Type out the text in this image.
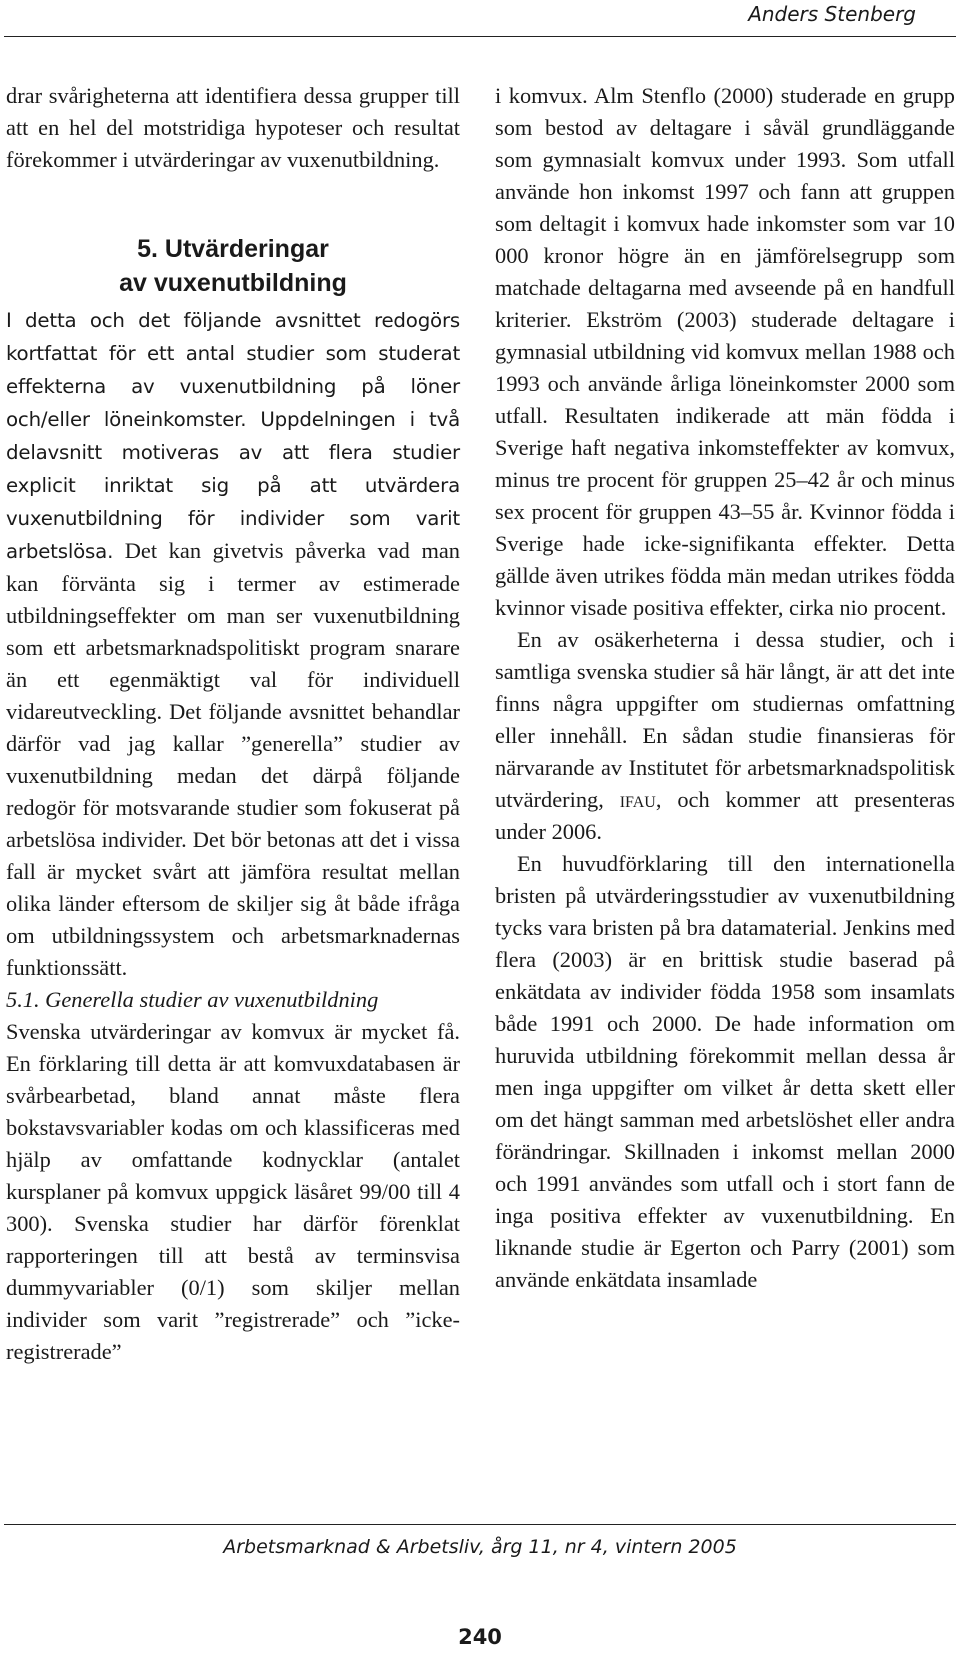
Anders Stenberg

drar svårigheterna att identifiera dessa grupper till att en hel del motstridiga hypoteser och resultat förekommer i utvärderingar av vuxenutbildning.

5. Utvärderingar
av vuxenutbildning

I detta och det följande avsnittet redogörs kortfattat för ett antal studier som studerat effekterna av vuxenutbildning på löner och/eller löneinkomster. Uppdelningen i två delavsnitt motiveras av att flera studier explicit inriktat sig på att utvärdera vuxenutbildning för individer som varit arbetslösa. Det kan givetvis påverka vad man kan förvänta sig i termer av estimerade utbildningseffekter om man ser vuxenutbildning som ett arbetsmarknadspolitiskt program snarare än ett egenmäktigt val för individuell vidareutveckling. Det följande avsnittet behandlar därför vad jag kallar ”generella” studier av vuxenutbildning medan det därpå följande redogör för motsvarande studier som fokuserat på arbetslösa individer. Det bör betonas att det i vissa fall är mycket svårt att jämföra resultat mellan olika länder eftersom de skiljer sig åt både ifråga om utbildningssystem och arbetsmarknadernas funktionssätt.

5.1. Generella studier av vuxenutbildning

Svenska utvärderingar av komvux är mycket få. En förklaring till detta är att komvuxdatabasen är svårbearbetad, bland annat måste flera bokstavsvariabler kodas om och klassificeras med hjälp av omfattande kodnycklar (antalet kursplaner på komvux uppgick läsåret 99/00 till 4 300). Svenska studier har därför förenklat rapporteringen till att bestå av terminsvisa dummyvariabler (0/1) som skiljer mellan individer som varit ”registrerade” och ”icke-registrerade”

i komvux. Alm Stenflo (2000) studerade en grupp som bestod av deltagare i såväl grundläggande som gymnasialt komvux under 1993. Som utfall använde hon inkomst 1997 och fann att gruppen som deltagit i komvux hade inkomster som var 10 000 kronor högre än en jämförelsegrupp som matchade deltagarna med avseende på en handfull kriterier. Ekström (2003) studerade deltagare i gymnasial utbildning vid komvux mellan 1988 och 1993 och använde årliga löneinkomster 2000 som utfall. Resultaten indikerade att män födda i Sverige haft negativa inkomsteffekter av komvux, minus tre procent för gruppen 25–42 år och minus sex procent för gruppen 43–55 år. Kvinnor födda i Sverige hade icke-signifikanta effekter. Detta gällde även utrikes födda män medan utrikes födda kvinnor visade positiva effekter, cirka nio procent.

En av osäkerheterna i dessa studier, och i samtliga svenska studier så här långt, är att det inte finns några uppgifter om studiernas omfattning eller innehåll. En sådan studie finansieras för närvarande av Institutet för arbetsmarknadspolitisk utvärdering, ifau, och kommer att presenteras under 2006.

En huvudförklaring till den internationella bristen på utvärderingsstudier av vuxenutbildning tycks vara bristen på bra datamaterial. Jenkins med flera (2003) är en brittisk studie baserad på enkätdata av individer födda 1958 som insamlats både 1991 och 2000. De hade information om huruvida utbildning förekommit mellan dessa år men inga uppgifter om vilket år detta skett eller om det hängt samman med arbetslöshet eller andra förändringar. Skillnaden i inkomst mellan 2000 och 1991 användes som utfall och i stort fann de inga positiva effekter av vuxenutbildning. En liknande studie är Egerton och Parry (2001) som använde enkätdata insamlade

Arbetsmarknad & Arbetsliv, årg 11, nr 4, vintern 2005
240
